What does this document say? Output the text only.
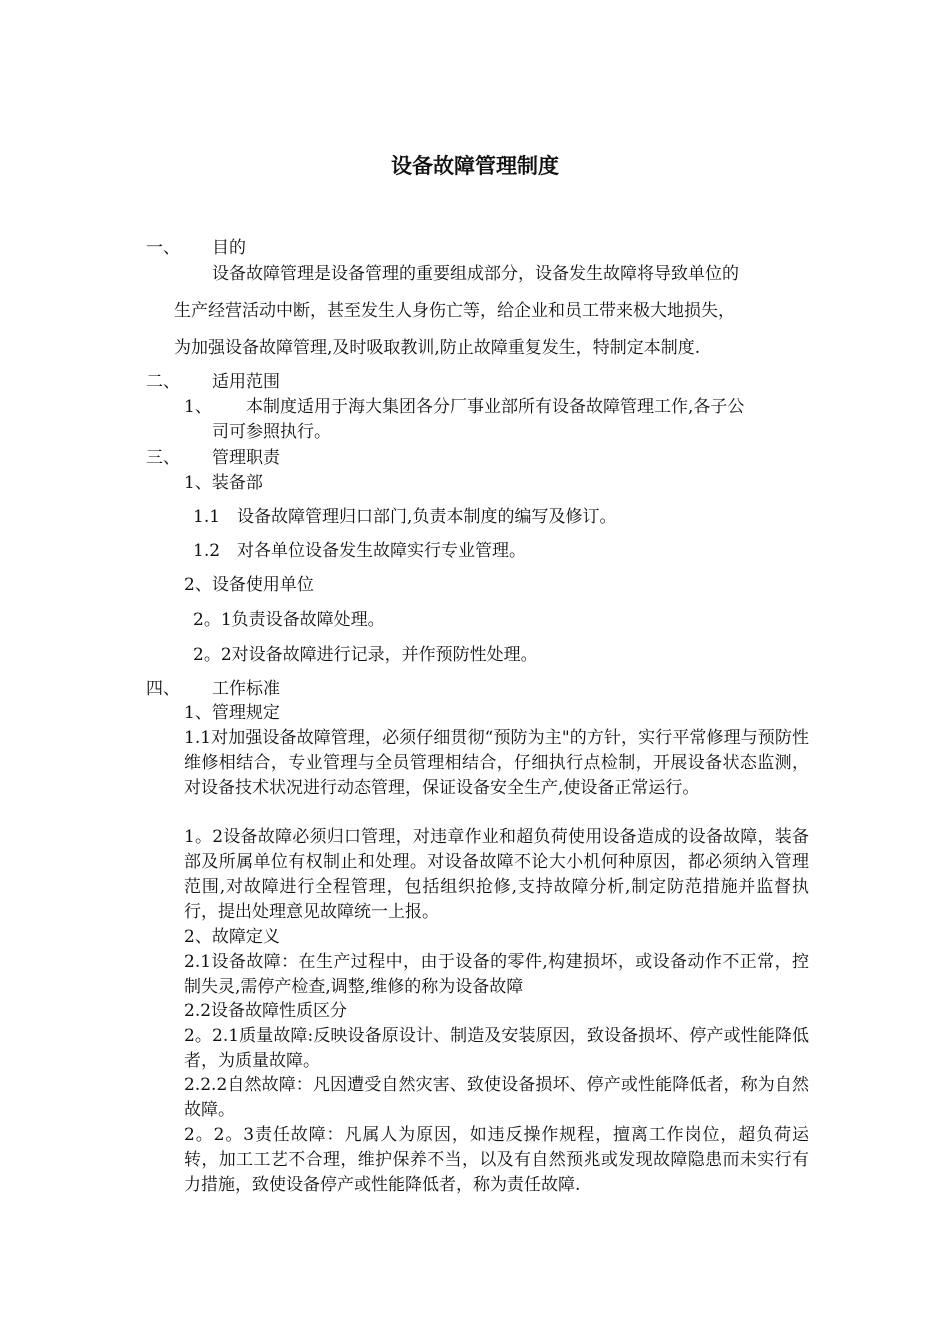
设备故障管理制度
一、 目的
设备故障管理是设备管理的重要组成部分，设备发生故障将导致单位的
生产经营活动中断，甚至发生人身伤亡等，给企业和员工带来极大地损失，
为加强设备故障管理,及时吸取教训,防止故障重复发生，特制定本制度.
二、 适用范围
1、 本制度适用于海大集团各分厂事业部所有设备故障管理工作,各子公
司可参照执行。
三、 管理职责
1、装备部
1.1　设备故障管理归口部门,负责本制度的编写及修订。
1.2　对各单位设备发生故障实行专业管理。
2、设备使用单位
2。1负责设备故障处理。
2。2对设备故障进行记录，并作预防性处理。
四、 工作标准
1、管理规定
1.1对加强设备故障管理，必须仔细贯彻“预防为主"的方针，实行平常修理与预防性维修相结合，专业管理与全员管理相结合，仔细执行点检制，开展设备状态监测，对设备技术状况进行动态管理，保证设备安全生产,使设备正常运行。
1。2设备故障必须归口管理，对违章作业和超负荷使用设备造成的设备故障，装备部及所属单位有权制止和处理。对设备故障不论大小机何种原因，都必须纳入管理范围,对故障进行全程管理，包括组织抢修,支持故障分析,制定防范措施并监督执行，提出处理意见故障统一上报。
2、故障定义
2.1设备故障：在生产过程中，由于设备的零件,构建损坏，或设备动作不正常，控制失灵,需停产检查,调整,维修的称为设备故障
2.2设备故障性质区分
2。2.1质量故障:反映设备原设计、制造及安装原因，致设备损坏、停产或性能降低者，为质量故障。
2.2.2自然故障：凡因遭受自然灾害、致使设备损坏、停产或性能降低者，称为自然故障。
2。2。3责任故障：凡属人为原因，如违反操作规程，擅离工作岗位，超负荷运转，加工工艺不合理，维护保养不当，以及有自然预兆或发现故障隐患而未实行有力措施，致使设备停产或性能降低者，称为责任故障.
